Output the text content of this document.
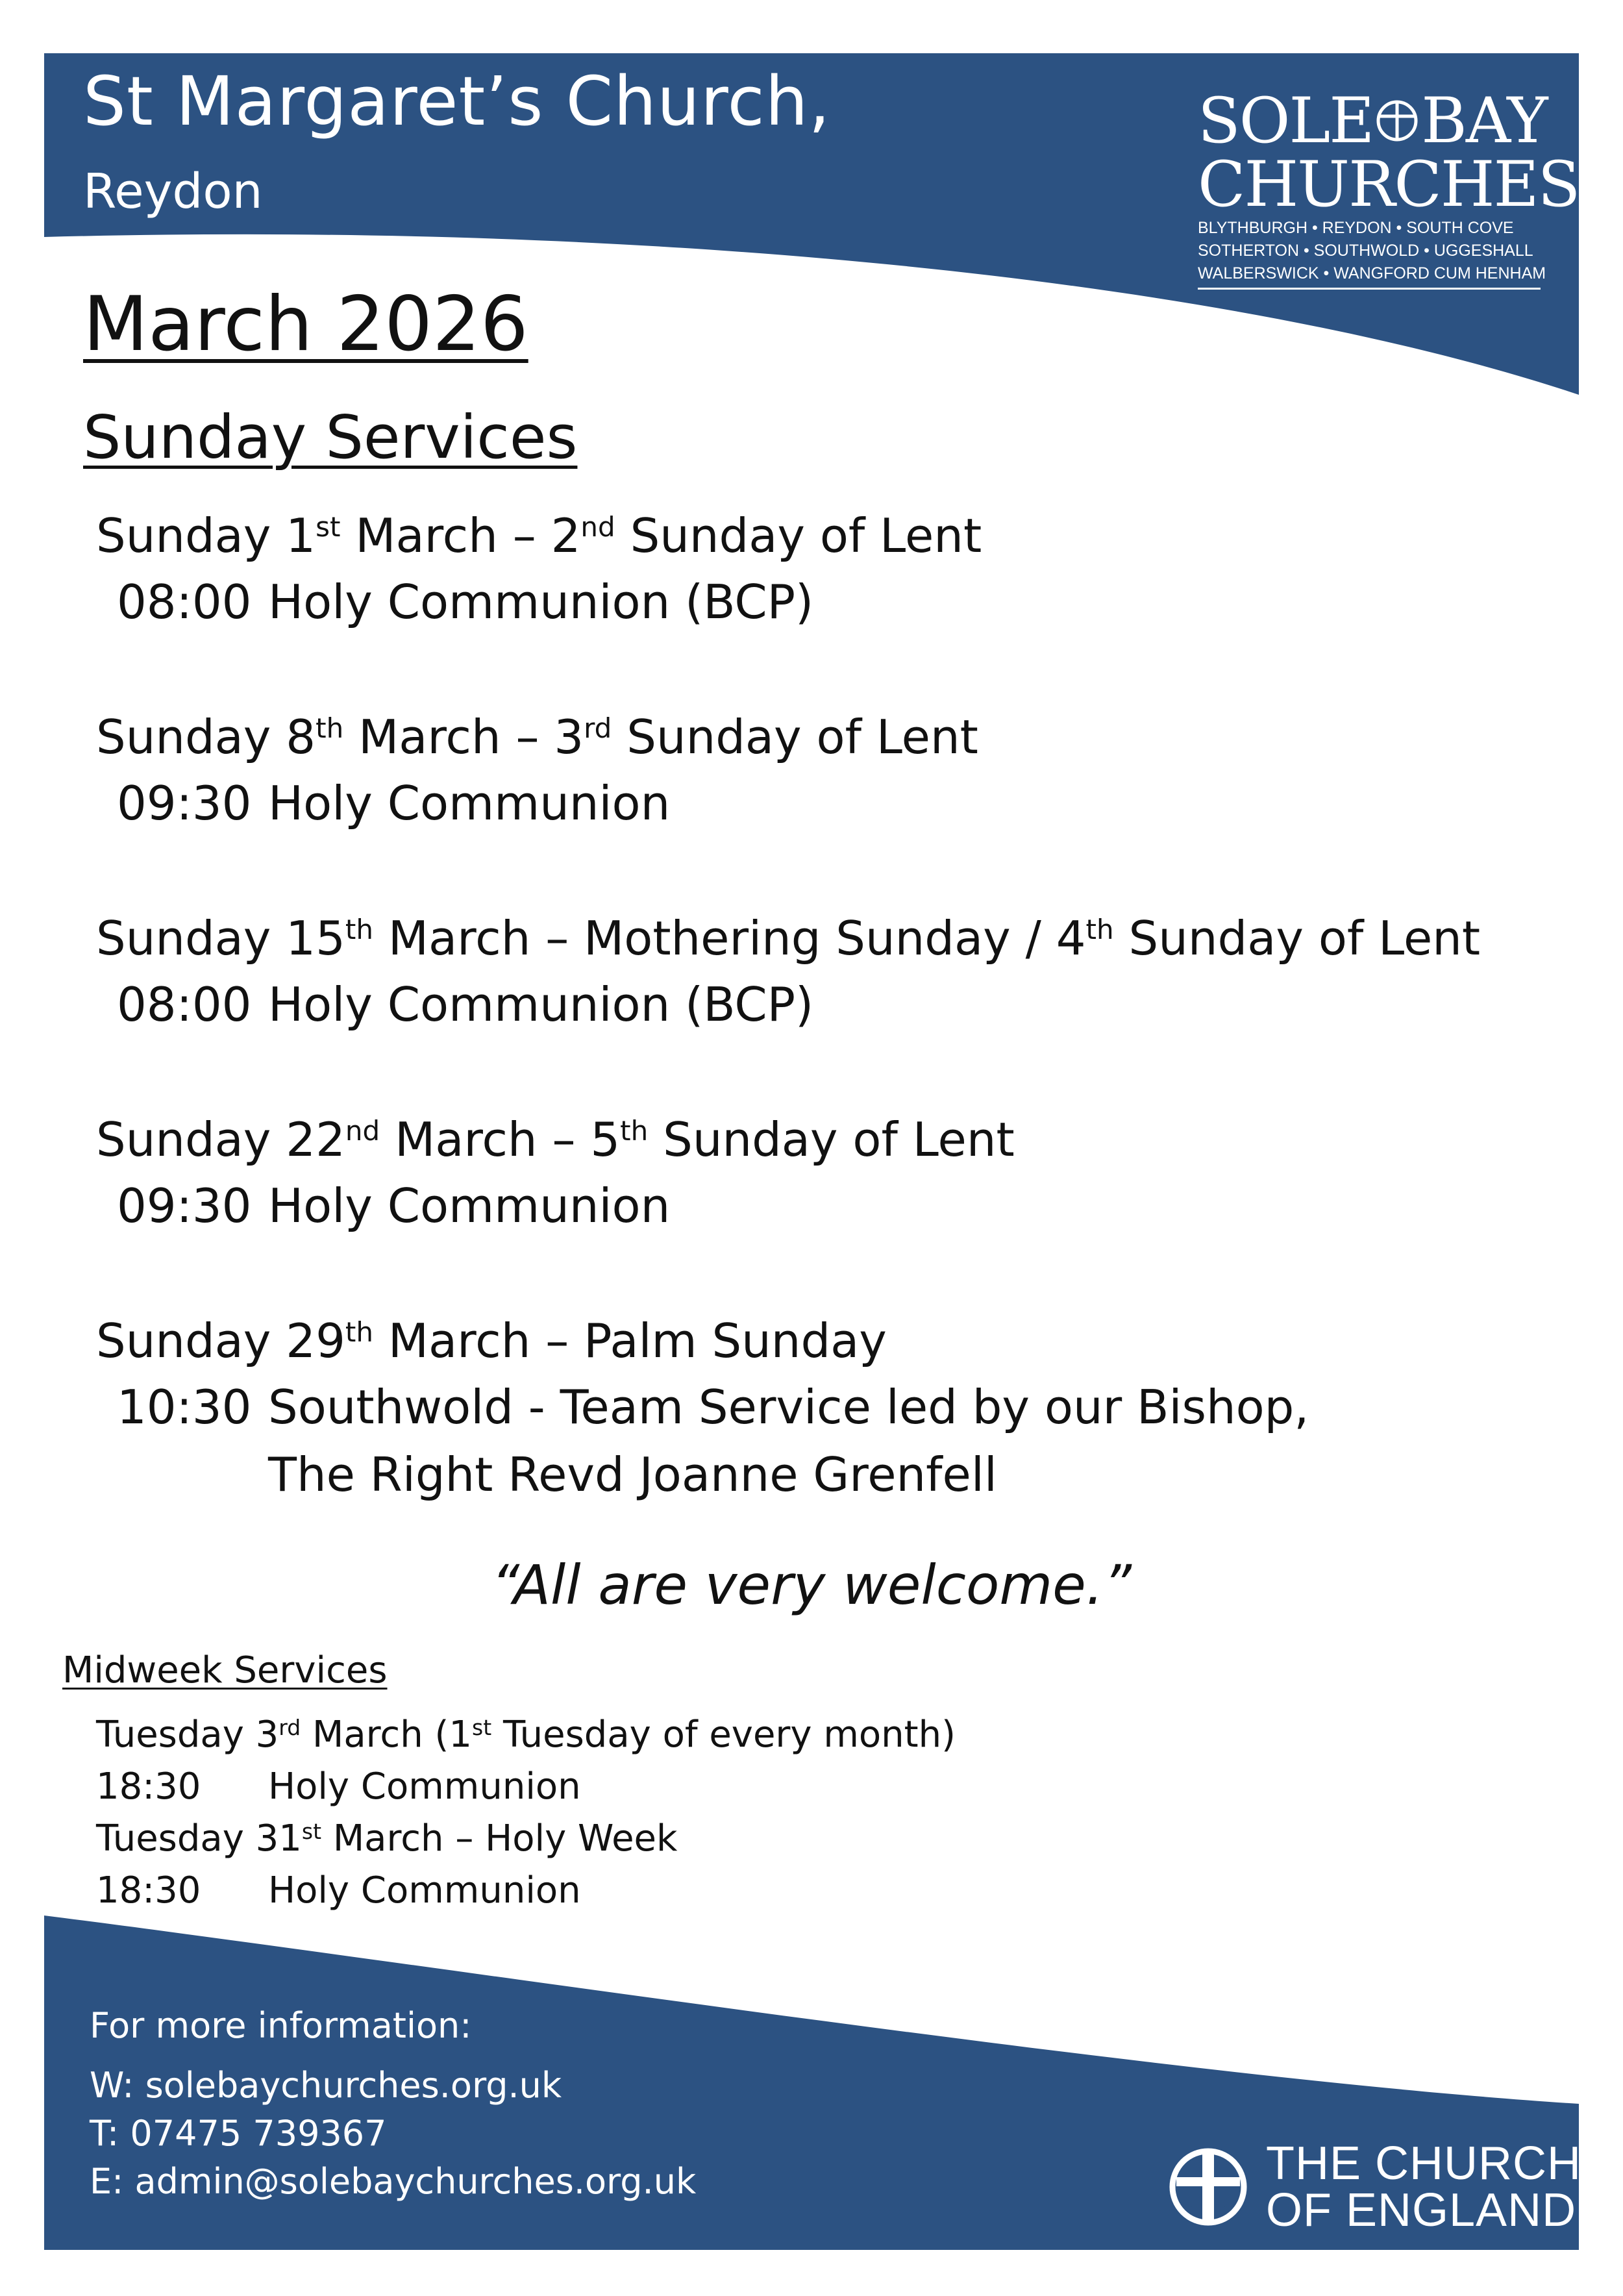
St Margaret’s Church,
Reydon
SOLE BAY
CHURCHES
BLYTHBURGH • REYDON • SOUTH COVE
SOTHERTON • SOUTHWOLD • UGGESHALL
WALBERSWICK • WANGFORD CUM HENHAM
March 2026
Sunday Services
Sunday 1st March – 2nd Sunday of Lent
08:00 Holy Communion (BCP)
Sunday 8th March – 3rd Sunday of Lent
09:30 Holy Communion
Sunday 15th March – Mothering Sunday / 4th Sunday of Lent
08:00 Holy Communion (BCP)
Sunday 22nd March – 5th Sunday of Lent
09:30 Holy Communion
Sunday 29th March – Palm Sunday
10:30 Southwold - Team Service led by our Bishop,
The Right Revd Joanne Grenfell
“All are very welcome.”
Midweek Services
Tuesday 3rd March (1st Tuesday of every month)
18:30	Holy Communion
Tuesday 31st March – Holy Week
18:30	Holy Communion
For more information:
W: solebaychurches.org.uk
T: 07475 739367
E: admin@solebaychurches.org.uk	THE CHURCH
OF ENGLAND
